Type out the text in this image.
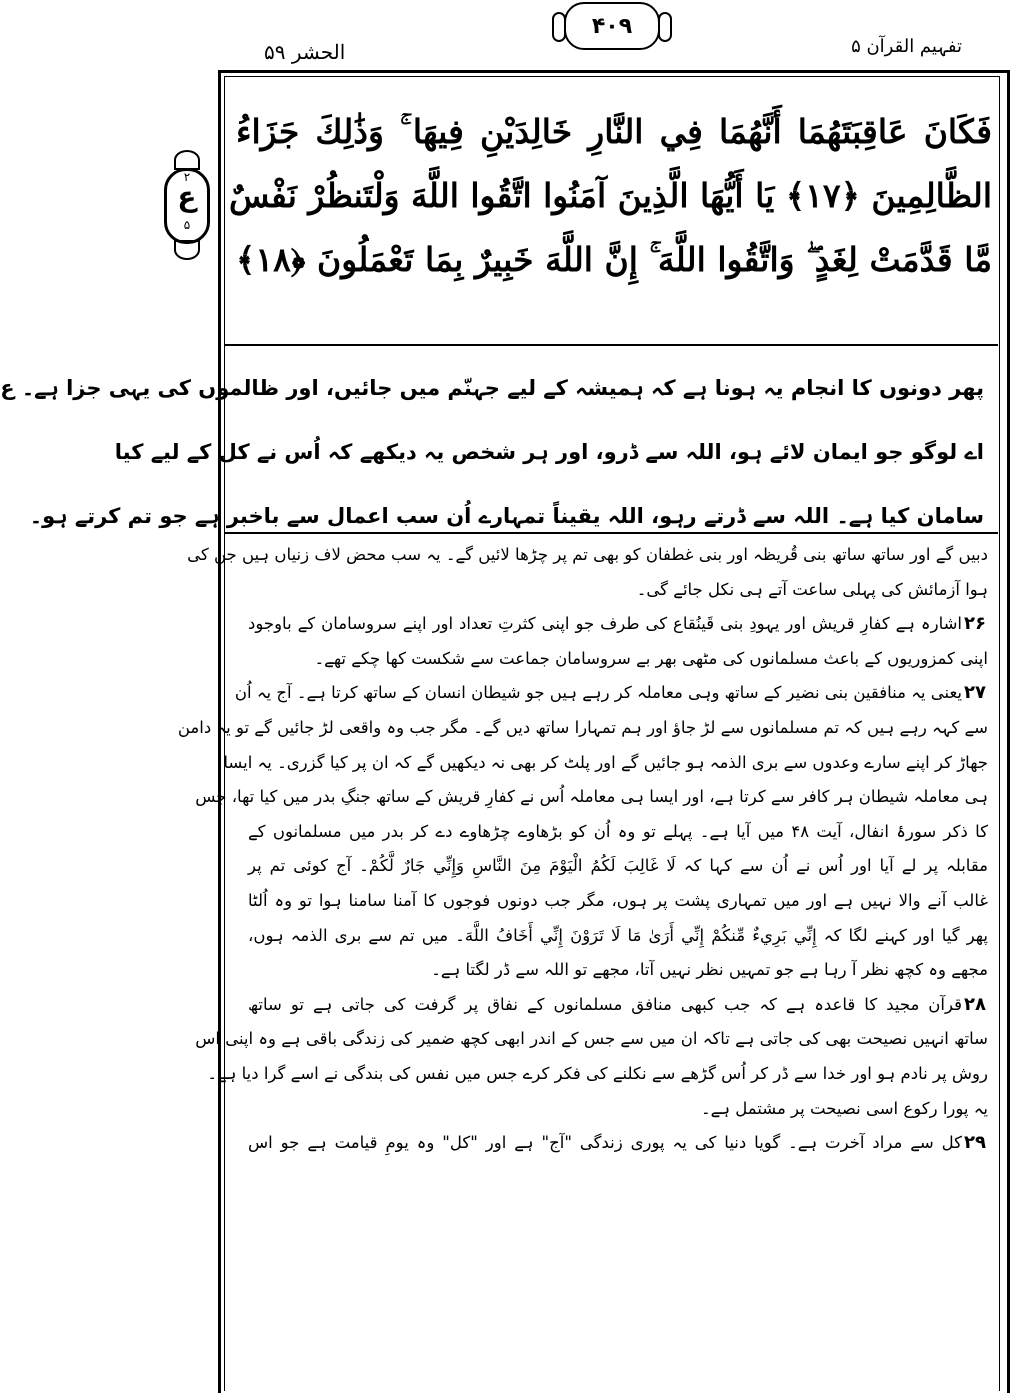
الحشر ۵۹
۴۰۹
تفہیم القرآن ۵
۲
ع
۵
فَكَانَ عَاقِبَتَهُمَا أَنَّهُمَا فِي النَّارِ خَالِدَيْنِ فِيهَا ۚ وَذَٰلِكَ جَزَاءُ
الظَّالِمِينَ ﴿١٧﴾ يَا أَيُّهَا الَّذِينَ آمَنُوا اتَّقُوا اللَّهَ وَلْتَنظُرْ نَفْسٌ
مَّا قَدَّمَتْ لِغَدٍ ۖ وَاتَّقُوا اللَّهَ ۚ إِنَّ اللَّهَ خَبِيرٌ بِمَا تَعْمَلُونَ ﴿١٨﴾
پھر دونوں کا انجام یہ ہونا ہے کہ ہمیشہ کے لیے جہنّم میں جائیں، اور ظالموں کی یہی جزا ہے۔ ع
اے لوگو جو ایمان لائے ہو، اللہ سے ڈرو، اور ہر شخص یہ دیکھے کہ اُس نے کل کے لیے کیا
سامان کیا ہے۔ اللہ سے ڈرتے رہو، اللہ یقیناً تمہارے اُن سب اعمال سے باخبر ہے جو تم کرتے ہو۔
دبیں گے اور ساتھ ساتھ بنی قُریظہ اور بنی غطفان کو بھی تم پر چڑھا لائیں گے۔ یہ سب محض لاف زنیاں ہیں جن کی
ہوا آزمائش کی پہلی ساعت آتے ہی نکل جائے گی۔
۲۶اشارہ ہے کفارِ قریش اور یہودِ بنی قَینُقاع کی طرف جو اپنی کثرتِ تعداد اور اپنے سروسامان کے باوجود
اپنی کمزوریوں کے باعث مسلمانوں کی مٹھی بھر بے سروسامان جماعت سے شکست کھا چکے تھے۔
۲۷یعنی یہ منافقین بنی نضیر کے ساتھ وہی معاملہ کر رہے ہیں جو شیطان انسان کے ساتھ کرتا ہے۔ آج یہ اُن
سے کہہ رہے ہیں کہ تم مسلمانوں سے لڑ جاؤ اور ہم تمہارا ساتھ دیں گے۔ مگر جب وہ واقعی لڑ جائیں گے تو یہ دامن
جھاڑ کر اپنے سارے وعدوں سے بری الذمہ ہو جائیں گے اور پلٹ کر بھی نہ دیکھیں گے کہ ان پر کیا گزری۔ یہ ایسا
ہی معاملہ شیطان ہر کافر سے کرتا ہے، اور ایسا ہی معاملہ اُس نے کفارِ قریش کے ساتھ جنگِ بدر میں کیا تھا، جس
کا ذکر سورۂ انفال، آیت ۴۸ میں آیا ہے۔ پہلے تو وہ اُن کو بڑھاوے چڑھاوے دے کر بدر میں مسلمانوں کے
مقابلہ پر لے آیا اور اُس نے اُن سے کہا کہ لَا غَالِبَ لَكُمُ الْيَوْمَ مِنَ النَّاسِ وَإِنِّي جَارٌ لَّكُمْ۔ آج کوئی تم پر
غالب آنے والا نہیں ہے اور میں تمہاری پشت پر ہوں، مگر جب دونوں فوجوں کا آمنا سامنا ہوا تو وہ اُلٹا
پھر گیا اور کہنے لگا کہ إِنِّي بَرِيءٌ مِّنكُمْ إِنِّي أَرَىٰ مَا لَا تَرَوْنَ إِنِّي أَخَافُ اللَّهَ۔ میں تم سے بری الذمہ ہوں،
مجھے وہ کچھ نظر آ رہا ہے جو تمہیں نظر نہیں آتا، مجھے تو اللہ سے ڈر لگتا ہے۔
۲۸قرآن مجید کا قاعدہ ہے کہ جب کبھی منافق مسلمانوں کے نفاق پر گرفت کی جاتی ہے تو ساتھ
ساتھ انہیں نصیحت بھی کی جاتی ہے تاکہ ان میں سے جس کے اندر ابھی کچھ ضمیر کی زندگی باقی ہے وہ اپنی اس
روش پر نادم ہو اور خدا سے ڈر کر اُس گڑھے سے نکلنے کی فکر کرے جس میں نفس کی بندگی نے اسے گرا دیا ہے۔
یہ پورا رکوع اسی نصیحت پر مشتمل ہے۔
۲۹کل سے مراد آخرت ہے۔ گویا دنیا کی یہ پوری زندگی "آج" ہے اور "کل" وہ یومِ قیامت ہے جو اس
